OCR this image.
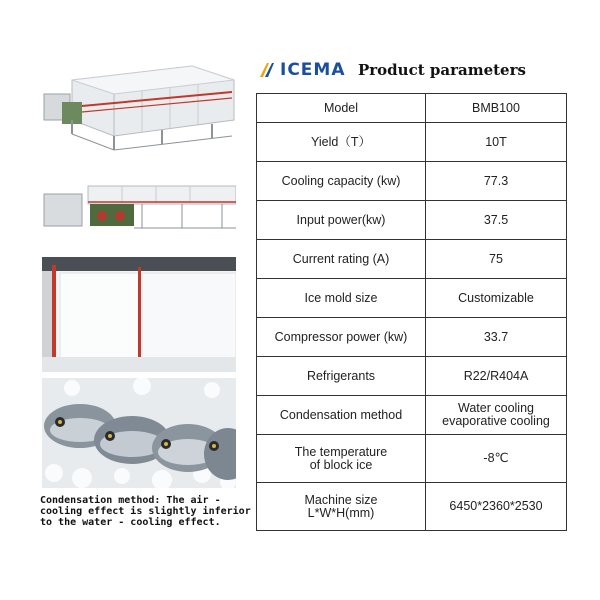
Condensation method: The air - cooling effect is slightly inferior to the water - cooling effect.
ICEMA Product parameters
Model	BMB100
Yield（T）	10T
Cooling capacity (kw)	77.3
Input power(kw)	37.5
Current rating (A)	75
Ice mold size	Customizable
Compressor power (kw)	33.7
Refrigerants	R22/R404A
Condensation method	Water cooling
evaporative cooling
The temperature
of block ice	-8℃
Machine size
L*W*H(mm)	6450*2360*2530
